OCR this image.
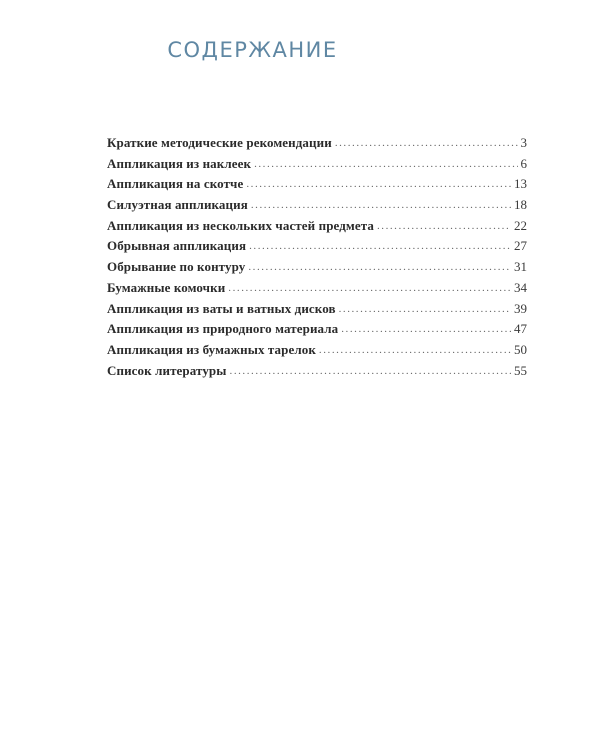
СОДЕРЖАНИЕ
Краткие методические рекомендации . . .	3
Аппликация из наклеек . . .	6
Аппликация на скотче . . .	13
Силуэтная аппликация . . .	18
Аппликация из нескольких частей предмета . . .	22
Обрывная аппликация . . .	27
Обрывание по контуру . . .	31
Бумажные комочки . . .	34
Аппликация из ваты и ватных дисков . . .	39
Аппликация из природного материала . . .	47
Аппликация из бумажных тарелок . . .	50
Список литературы . . .	55
